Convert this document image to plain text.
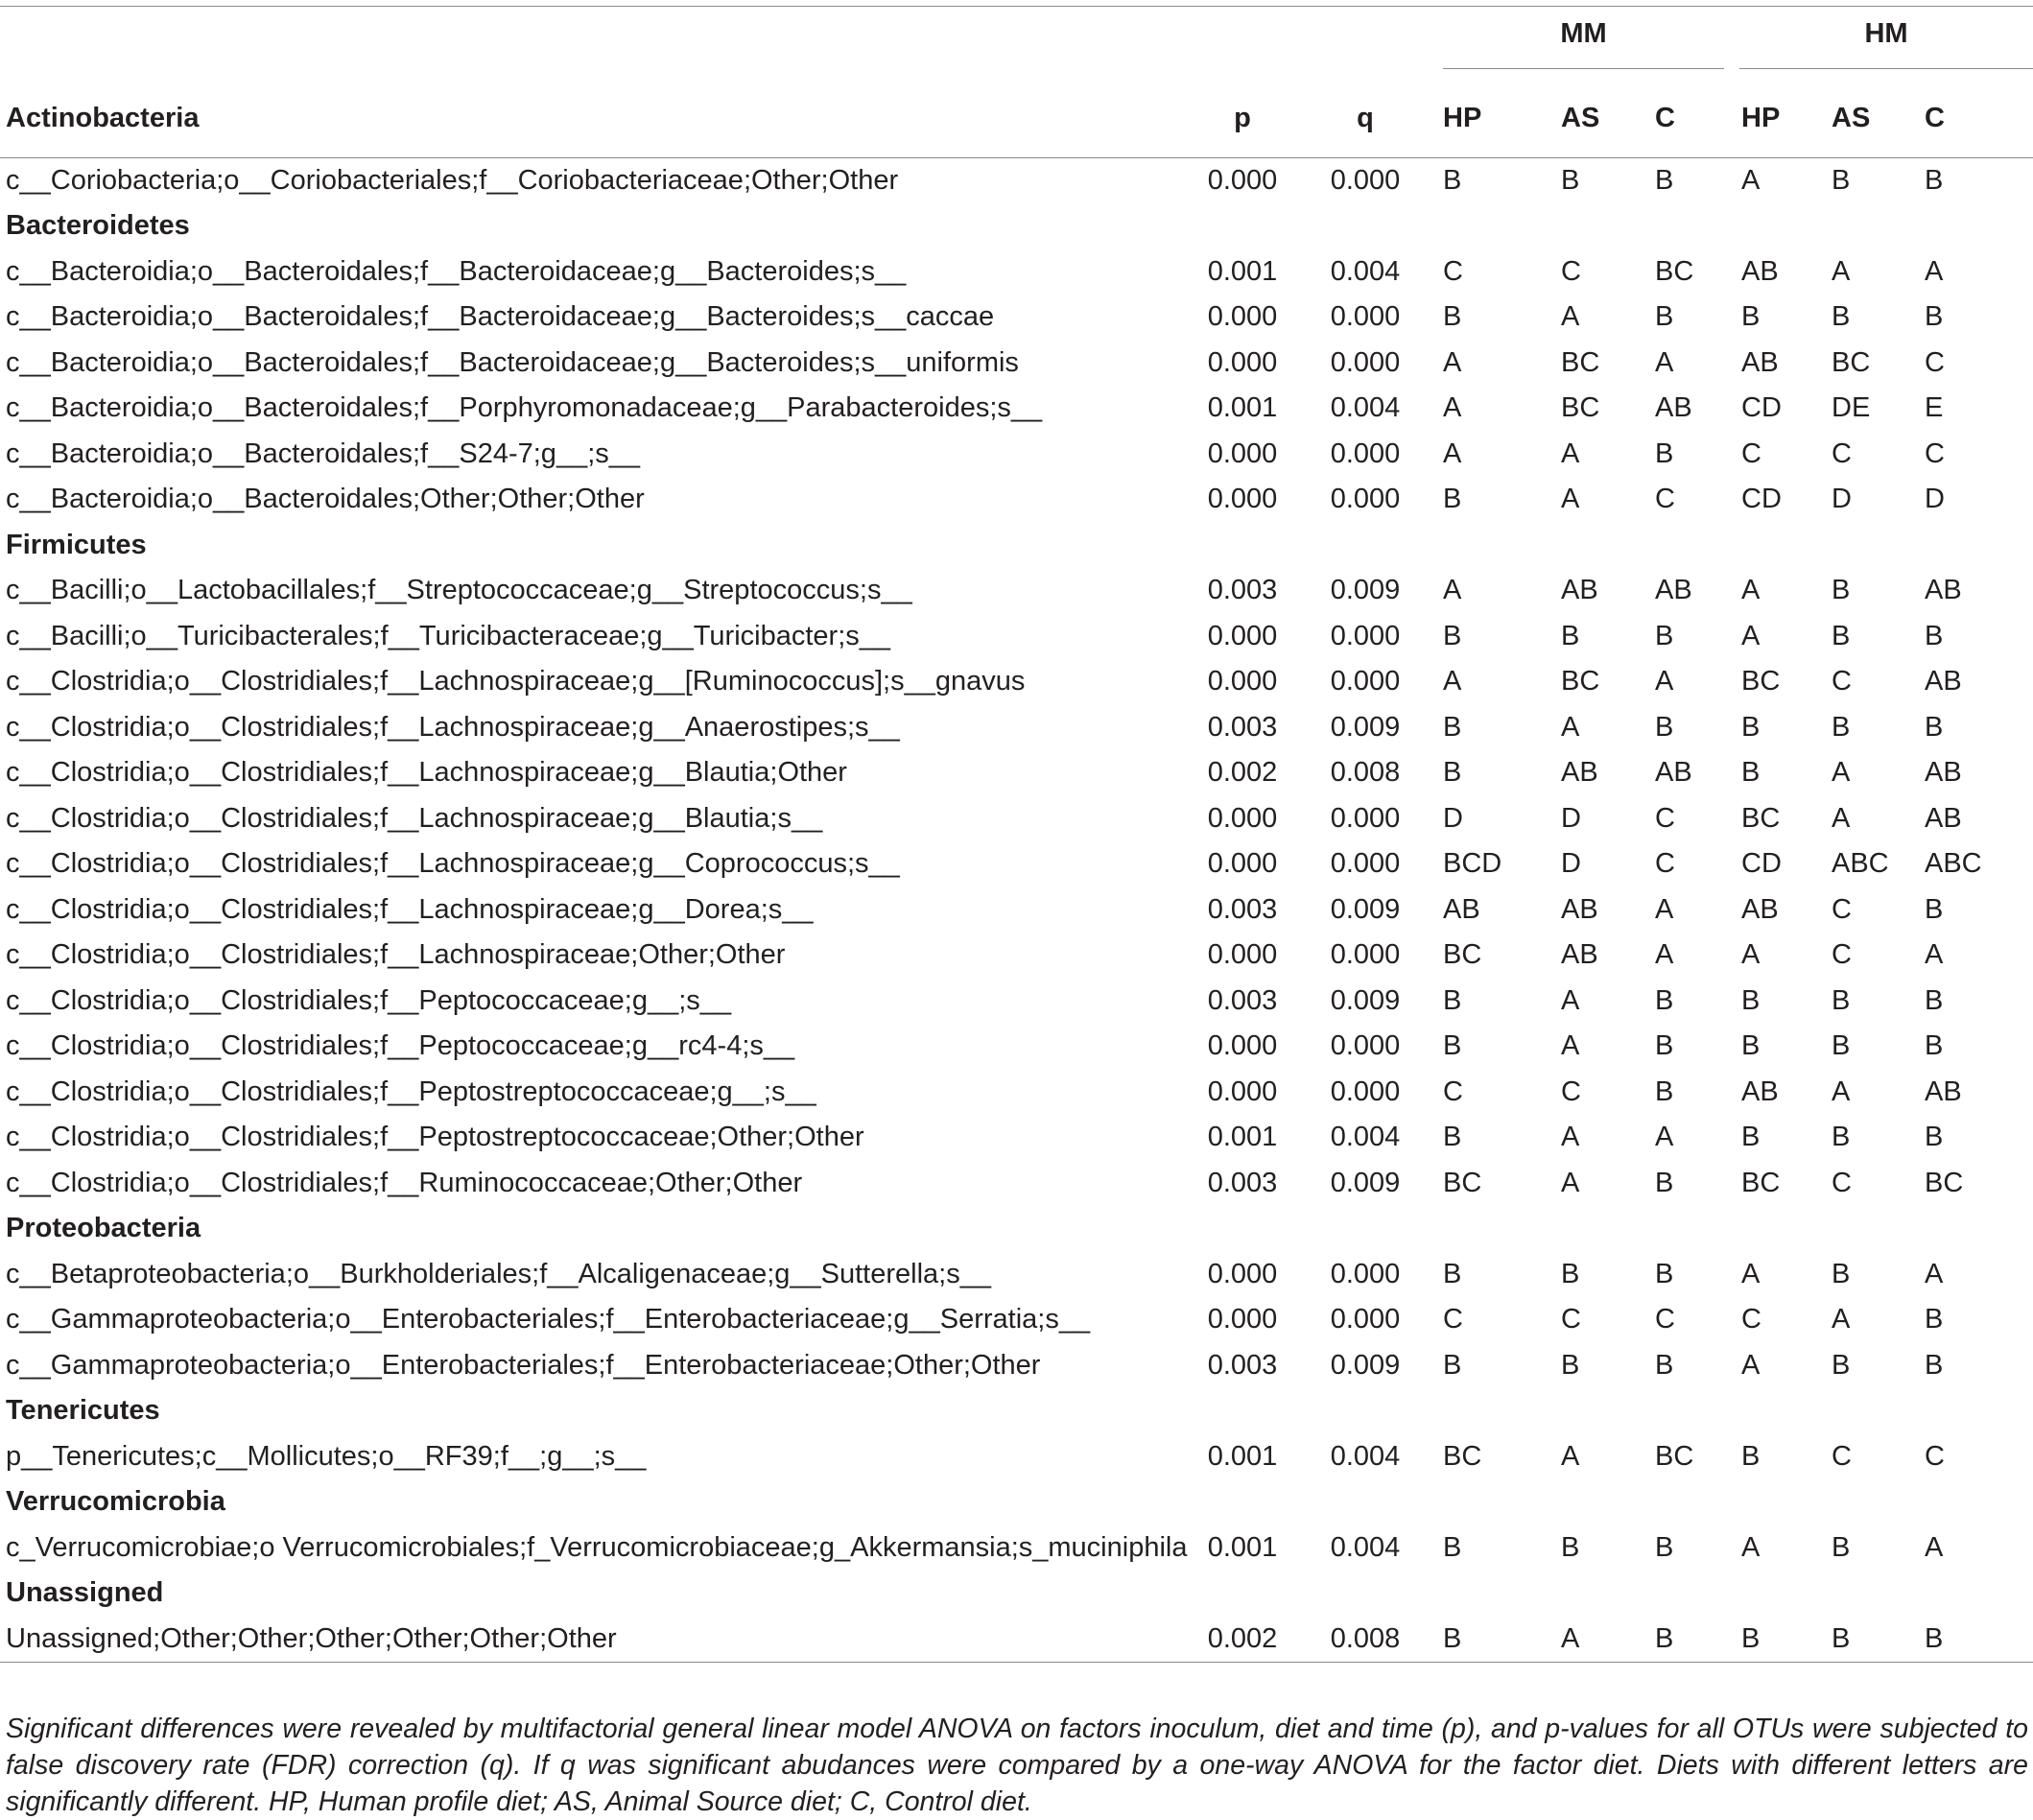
			MM			HM		

Actinobacteria	p	q	HP	AS	C	HP	AS	C
c__Coriobacteria;o__Coriobacteriales;f__Coriobacteriaceae;Other;Other	0.000	0.000	B	B	B	A	B	B
Bacteroidetes								
c__Bacteroidia;o__Bacteroidales;f__Bacteroidaceae;g__Bacteroides;s__	0.001	0.004	C	C	BC	AB	A	A
c__Bacteroidia;o__Bacteroidales;f__Bacteroidaceae;g__Bacteroides;s__caccae	0.000	0.000	B	A	B	B	B	B
c__Bacteroidia;o__Bacteroidales;f__Bacteroidaceae;g__Bacteroides;s__uniformis	0.000	0.000	A	BC	A	AB	BC	C
c__Bacteroidia;o__Bacteroidales;f__Porphyromonadaceae;g__Parabacteroides;s__	0.001	0.004	A	BC	AB	CD	DE	E
c__Bacteroidia;o__Bacteroidales;f__S24-7;g__;s__	0.000	0.000	A	A	B	C	C	C
c__Bacteroidia;o__Bacteroidales;Other;Other;Other	0.000	0.000	B	A	C	CD	D	D
Firmicutes								
c__Bacilli;o__Lactobacillales;f__Streptococcaceae;g__Streptococcus;s__	0.003	0.009	A	AB	AB	A	B	AB
c__Bacilli;o__Turicibacterales;f__Turicibacteraceae;g__Turicibacter;s__	0.000	0.000	B	B	B	A	B	B
c__Clostridia;o__Clostridiales;f__Lachnospiraceae;g__[Ruminococcus];s__gnavus	0.000	0.000	A	BC	A	BC	C	AB
c__Clostridia;o__Clostridiales;f__Lachnospiraceae;g__Anaerostipes;s__	0.003	0.009	B	A	B	B	B	B
c__Clostridia;o__Clostridiales;f__Lachnospiraceae;g__Blautia;Other	0.002	0.008	B	AB	AB	B	A	AB
c__Clostridia;o__Clostridiales;f__Lachnospiraceae;g__Blautia;s__	0.000	0.000	D	D	C	BC	A	AB
c__Clostridia;o__Clostridiales;f__Lachnospiraceae;g__Coprococcus;s__	0.000	0.000	BCD	D	C	CD	ABC	ABC
c__Clostridia;o__Clostridiales;f__Lachnospiraceae;g__Dorea;s__	0.003	0.009	AB	AB	A	AB	C	B
c__Clostridia;o__Clostridiales;f__Lachnospiraceae;Other;Other	0.000	0.000	BC	AB	A	A	C	A
c__Clostridia;o__Clostridiales;f__Peptococcaceae;g__;s__	0.003	0.009	B	A	B	B	B	B
c__Clostridia;o__Clostridiales;f__Peptococcaceae;g__rc4-4;s__	0.000	0.000	B	A	B	B	B	B
c__Clostridia;o__Clostridiales;f__Peptostreptococcaceae;g__;s__	0.000	0.000	C	C	B	AB	A	AB
c__Clostridia;o__Clostridiales;f__Peptostreptococcaceae;Other;Other	0.001	0.004	B	A	A	B	B	B
c__Clostridia;o__Clostridiales;f__Ruminococcaceae;Other;Other	0.003	0.009	BC	A	B	BC	C	BC
Proteobacteria								
c__Betaproteobacteria;o__Burkholderiales;f__Alcaligenaceae;g__Sutterella;s__	0.000	0.000	B	B	B	A	B	A
c__Gammaproteobacteria;o__Enterobacteriales;f__Enterobacteriaceae;g__Serratia;s__	0.000	0.000	C	C	C	C	A	B
c__Gammaproteobacteria;o__Enterobacteriales;f__Enterobacteriaceae;Other;Other	0.003	0.009	B	B	B	A	B	B
Tenericutes								
p__Tenericutes;c__Mollicutes;o__RF39;f__;g__;s__	0.001	0.004	BC	A	BC	B	C	C
Verrucomicrobia								
c_Verrucomicrobiae;o Verrucomicrobiales;f_Verrucomicrobiaceae;g_Akkermansia;s_muciniphila	0.001	0.004	B	B	B	A	B	A
Unassigned								
Unassigned;Other;Other;Other;Other;Other;Other	0.002	0.008	B	A	B	B	B	B

Significant differences were revealed by multifactorial general linear model ANOVA on factors inoculum, diet and time (p), and p-values for all OTUs were subjected to false discovery rate (FDR) correction (q). If q was significant abudances were compared by a one-way ANOVA for the factor diet. Diets with different letters are significantly different. HP, Human profile diet; AS, Animal Source diet; C, Control diet.
